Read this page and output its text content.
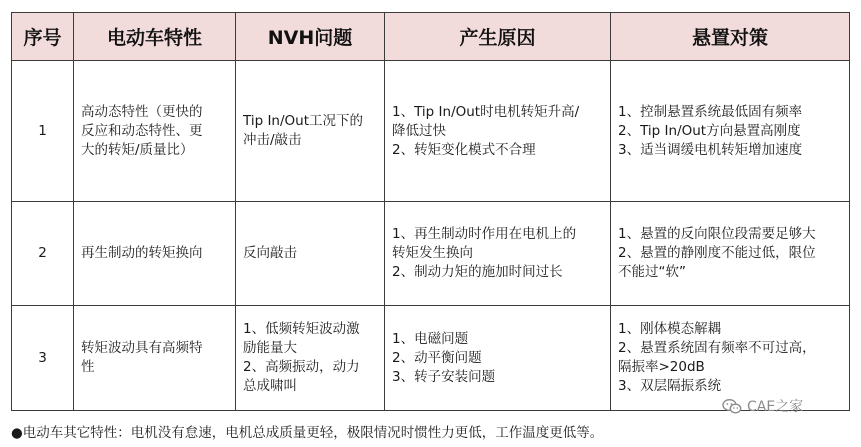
序号	电动车特性	NVH问题	产生原因	悬置对策
1	高动态特性（更快的
反应和动态特性、更
大的转矩/质量比）	Tip In/Out工况下的
冲击/敲击	1、Tip In/Out时电机转矩升高/
降低过快
2、转矩变化模式不合理	1、控制悬置系统最低固有频率
2、Tip In/Out方向悬置高刚度
3、适当调缓电机转矩增加速度

2	再生制动的转矩换向	反向敲击	1、再生制动时作用在电机上的
转矩发生换向
2、制动力矩的施加时间过长	1、悬置的反向限位段需要足够大
2、悬置的静刚度不能过低，限位
不能过“软”

3	转矩波动具有高频特
性	1、低频转矩波动激
励能量大
2、高频振动，动力
总成啸叫	1、电磁问题
2、动平衡问题
3、转子安装问题	1、刚体模态解耦
2、悬置系统固有频率不可过高，
隔振率>20dB
3、双层隔振系统
CAE之家
●电动车其它特性：电机没有怠速，电机总成质量更轻，极限情况时惯性力更低，工作温度更低等。
